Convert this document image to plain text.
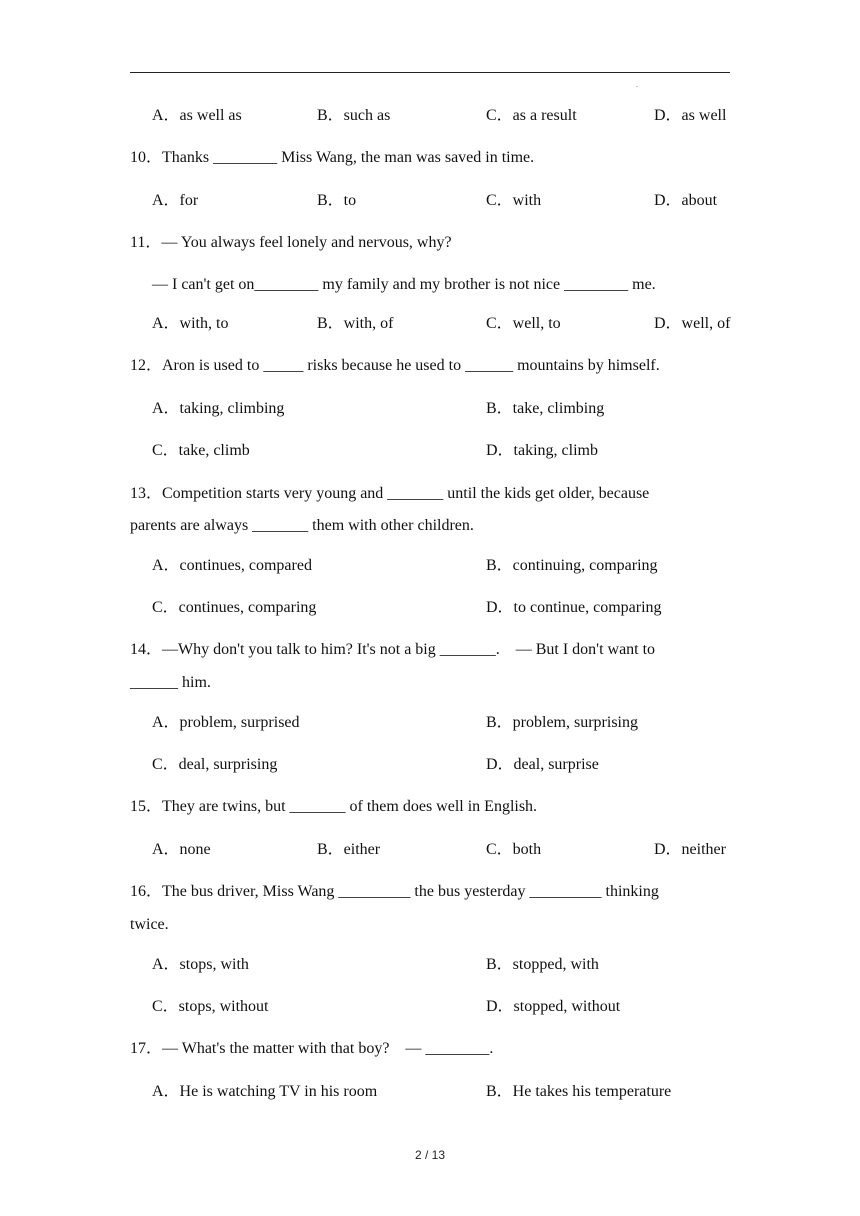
.
A．as well as	B．such as	C．as a result	D．as well
10．Thanks ________ Miss Wang, the man was saved in time.
A．for	B．to	C．with	D．about
11．— You always feel lonely and nervous, why?
— I can't get on________ my family and my brother is not nice ________ me.
A．with, to	B．with, of	C．well, to	D．well, of
12．Aron is used to _____ risks because he used to ______ mountains by himself.
A．taking, climbing	B．take, climbing
C．take, climb	D．taking, climb
13．Competition starts very young and _______ until the kids get older, because
parents are always _______ them with other children.
A．continues, compared	B．continuing, comparing
C．continues, comparing	D．to continue, comparing
14．—Why don't you talk to him? It's not a big _______.    — But I don't want to
______ him.
A．problem, surprised	B．problem, surprising
C．deal, surprising	D．deal, surprise
15．They are twins, but _______ of them does well in English.
A．none	B．either	C．both	D．neither
16．The bus driver, Miss Wang _________ the bus yesterday _________ thinking
twice.
A．stops, with	B．stopped, with
C．stops, without	D．stopped, without
17．— What's the matter with that boy?    — ________.
A．He is watching TV in his room	B．He takes his temperature
2 / 13
